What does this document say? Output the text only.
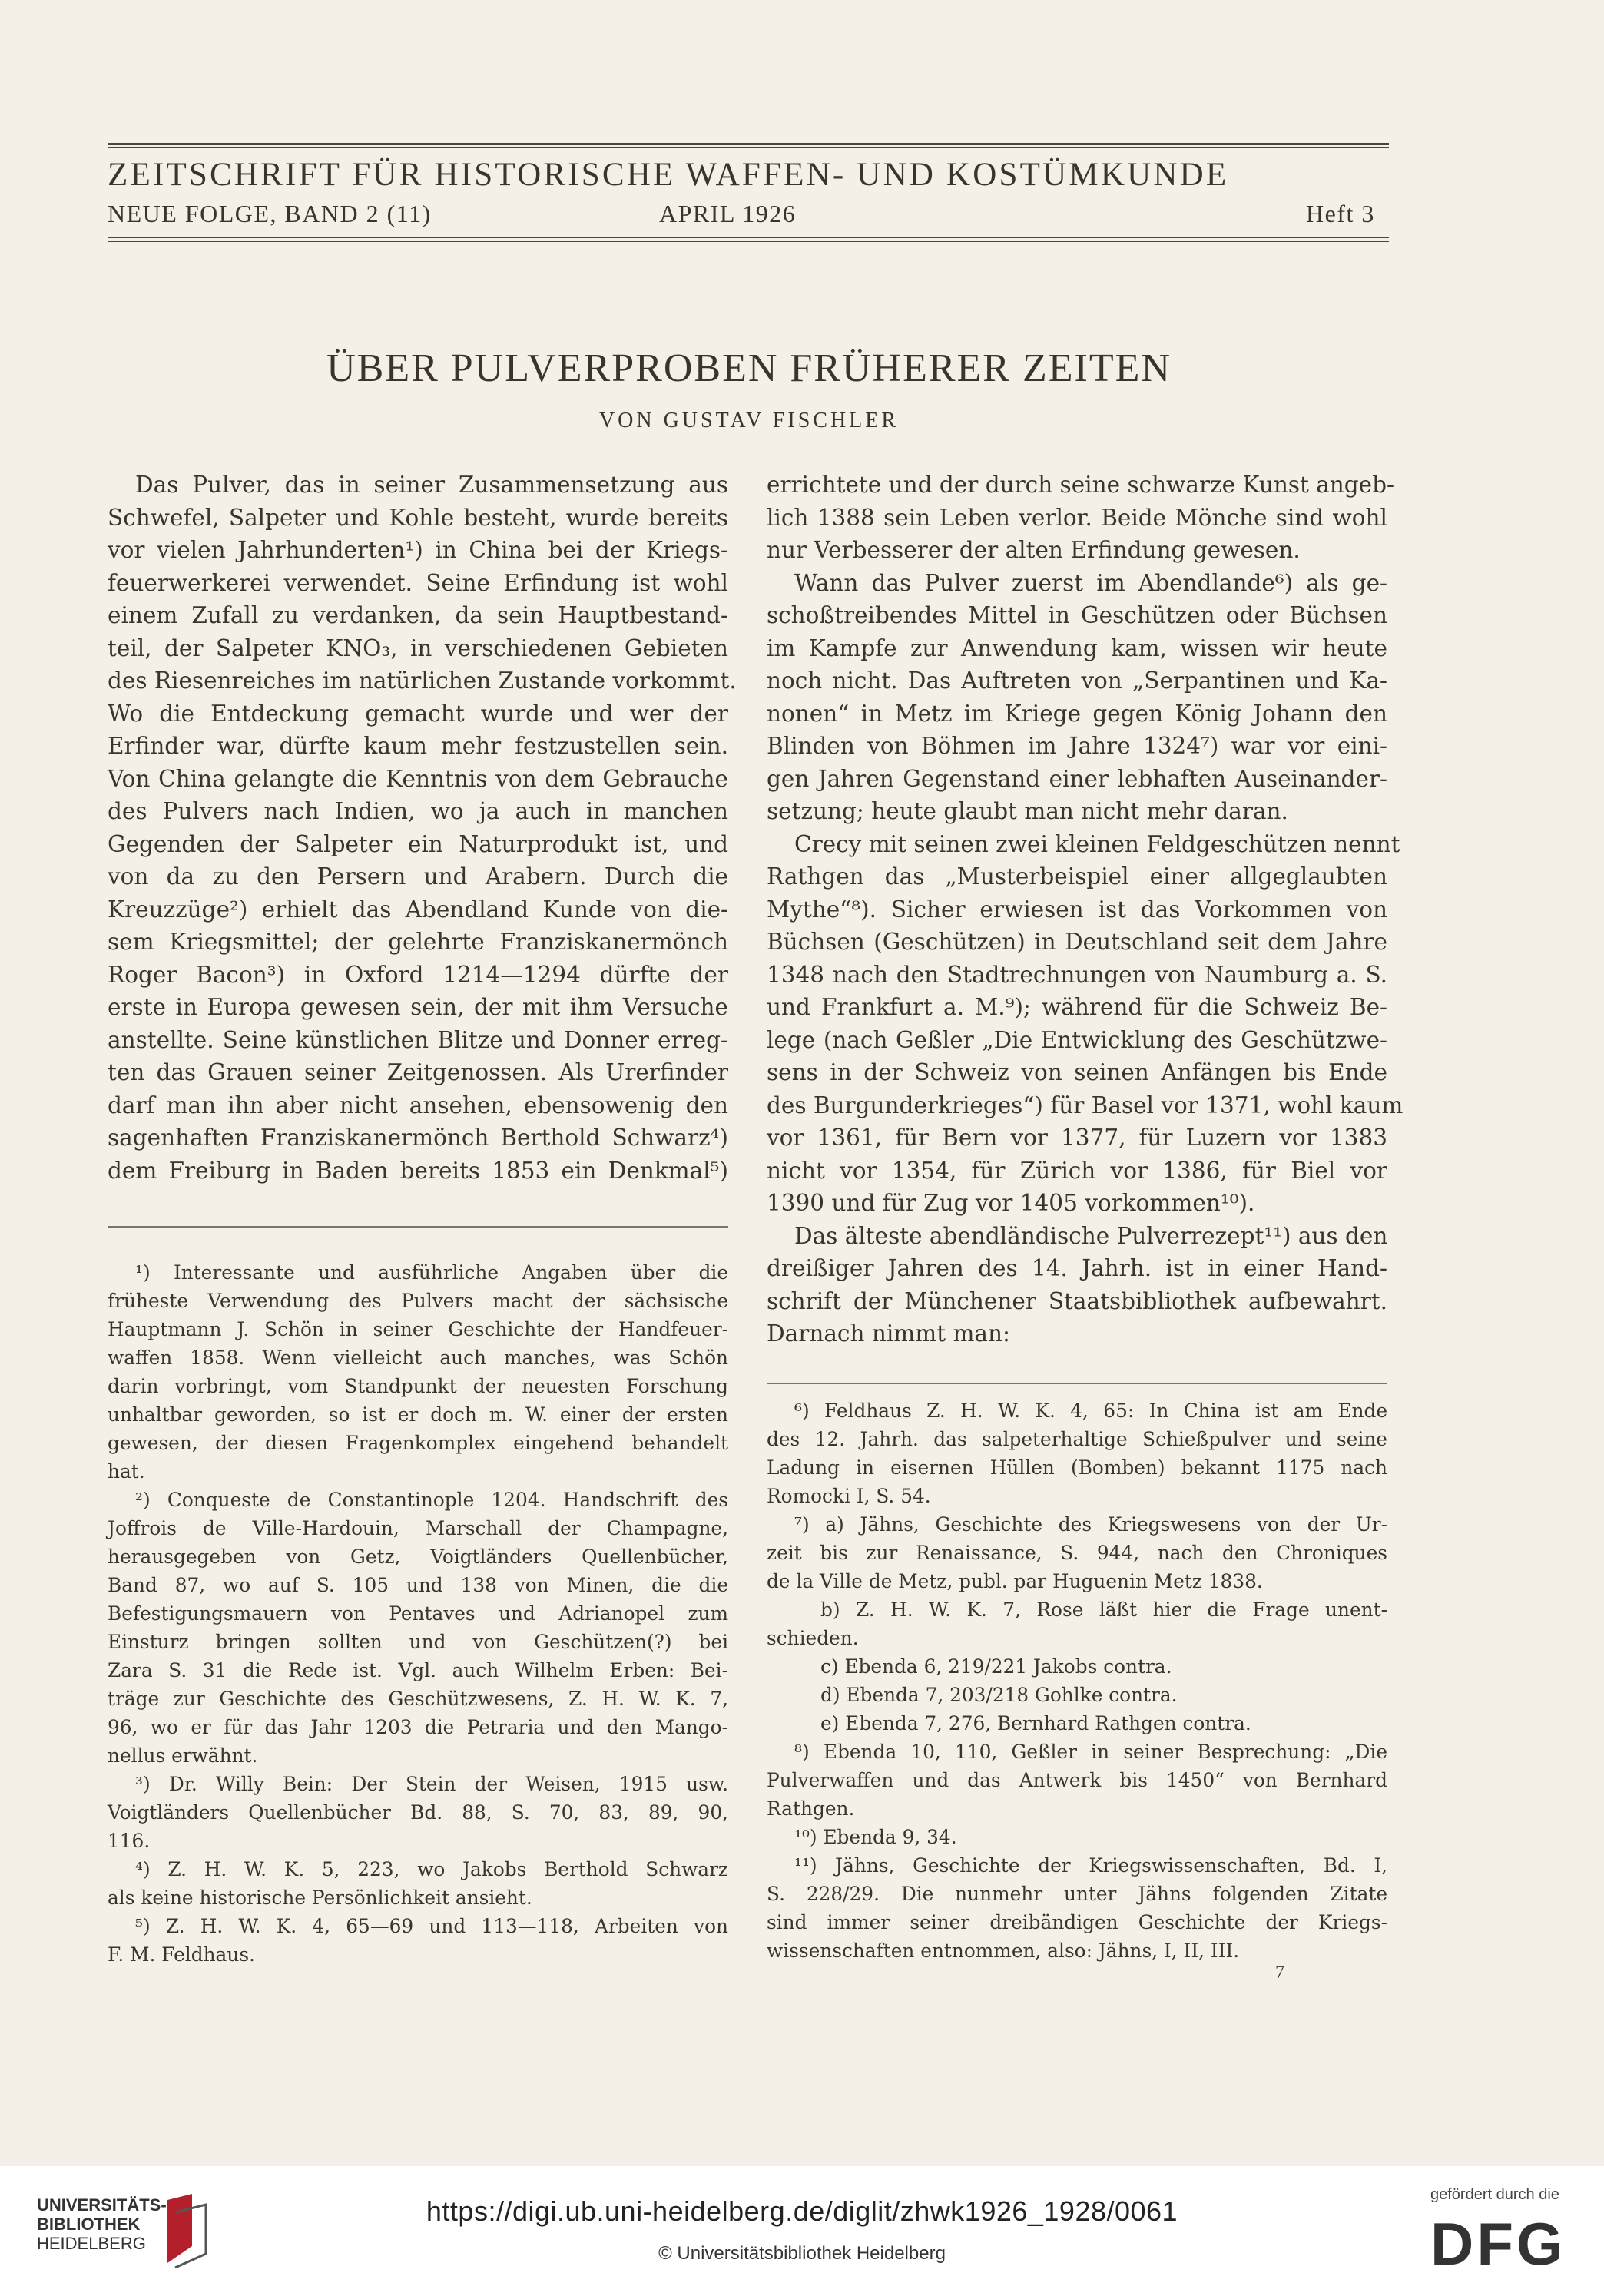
ZEITSCHRIFT FÜR HISTORISCHE WAFFEN- UND KOSTÜMKUNDE
NEUE FOLGE, BAND 2 (11)	APRIL 1926	Heft 3
ÜBER PULVERPROBEN FRÜHERER ZEITEN
VON GUSTAV FISCHLER
Das Pulver, das in seiner Zusammensetzung aus
Schwefel, Salpeter und Kohle besteht, wurde bereits
vor vielen Jahrhunderten¹) in China bei der Kriegs-
feuerwerkerei verwendet. Seine Erfindung ist wohl
einem Zufall zu verdanken, da sein Hauptbestand-
teil, der Salpeter KNO₃, in verschiedenen Gebieten
des Riesenreiches im natürlichen Zustande vorkommt.
Wo die Entdeckung gemacht wurde und wer der
Erfinder war, dürfte kaum mehr festzustellen sein.
Von China gelangte die Kenntnis von dem Gebrauche
des Pulvers nach Indien, wo ja auch in manchen
Gegenden der Salpeter ein Naturprodukt ist, und
von da zu den Persern und Arabern. Durch die
Kreuzzüge²) erhielt das Abendland Kunde von die-
sem Kriegsmittel; der gelehrte Franziskanermönch
Roger Bacon³) in Oxford 1214—1294 dürfte der
erste in Europa gewesen sein, der mit ihm Versuche
anstellte. Seine künstlichen Blitze und Donner erreg-
ten das Grauen seiner Zeitgenossen. Als Urerfinder
darf man ihn aber nicht ansehen, ebensowenig den
sagenhaften Franziskanermönch Berthold Schwarz⁴)
dem Freiburg in Baden bereits 1853 ein Denkmal⁵)
errichtete und der durch seine schwarze Kunst angeb-
lich 1388 sein Leben verlor. Beide Mönche sind wohl
nur Verbesserer der alten Erfindung gewesen.
Wann das Pulver zuerst im Abendlande⁶) als ge-
schoßtreibendes Mittel in Geschützen oder Büchsen
im Kampfe zur Anwendung kam, wissen wir heute
noch nicht. Das Auftreten von „Serpantinen und Ka-
nonen“ in Metz im Kriege gegen König Johann den
Blinden von Böhmen im Jahre 1324⁷) war vor eini-
gen Jahren Gegenstand einer lebhaften Auseinander-
setzung; heute glaubt man nicht mehr daran.
Crecy mit seinen zwei kleinen Feldgeschützen nennt
Rathgen das „Musterbeispiel einer allgeglaubten
Mythe“⁸). Sicher erwiesen ist das Vorkommen von
Büchsen (Geschützen) in Deutschland seit dem Jahre
1348 nach den Stadtrechnungen von Naumburg a. S.
und Frankfurt a. M.⁹); während für die Schweiz Be-
lege (nach Geßler „Die Entwicklung des Geschützwe-
sens in der Schweiz von seinen Anfängen bis Ende
des Burgunderkrieges“) für Basel vor 1371, wohl kaum
vor 1361, für Bern vor 1377, für Luzern vor 1383
nicht vor 1354, für Zürich vor 1386, für Biel vor
1390 und für Zug vor 1405 vorkommen¹⁰).
Das älteste abendländische Pulverrezept¹¹) aus den
dreißiger Jahren des 14. Jahrh. ist in einer Hand-
schrift der Münchener Staatsbibliothek aufbewahrt.
Darnach nimmt man:
¹) Interessante und ausführliche Angaben über die
früheste Verwendung des Pulvers macht der sächsische
Hauptmann J. Schön in seiner Geschichte der Handfeuer-
waffen 1858. Wenn vielleicht auch manches, was Schön
darin vorbringt, vom Standpunkt der neuesten Forschung
unhaltbar geworden, so ist er doch m. W. einer der ersten
gewesen, der diesen Fragenkomplex eingehend behandelt
hat.
²) Conqueste de Constantinople 1204. Handschrift des
Joffrois de Ville-Hardouin, Marschall der Champagne,
herausgegeben von Getz, Voigtländers Quellenbücher,
Band 87, wo auf S. 105 und 138 von Minen, die die
Befestigungsmauern von Pentaves und Adrianopel zum
Einsturz bringen sollten und von Geschützen(?) bei
Zara S. 31 die Rede ist. Vgl. auch Wilhelm Erben: Bei-
träge zur Geschichte des Geschützwesens, Z. H. W. K. 7,
96, wo er für das Jahr 1203 die Petraria und den Mango-
nellus erwähnt.
³) Dr. Willy Bein: Der Stein der Weisen, 1915 usw.
Voigtländers Quellenbücher Bd. 88, S. 70, 83, 89, 90,
116.
⁴) Z. H. W. K. 5, 223, wo Jakobs Berthold Schwarz
als keine historische Persönlichkeit ansieht.
⁵) Z. H. W. K. 4, 65—69 und 113—118, Arbeiten von
F. M. Feldhaus.
⁶) Feldhaus Z. H. W. K. 4, 65: In China ist am Ende
des 12. Jahrh. das salpeterhaltige Schießpulver und seine
Ladung in eisernen Hüllen (Bomben) bekannt 1175 nach
Romocki I, S. 54.
⁷) a) Jähns, Geschichte des Kriegswesens von der Ur-
zeit bis zur Renaissance, S. 944, nach den Chroniques
de la Ville de Metz, publ. par Huguenin Metz 1838.
b) Z. H. W. K. 7, Rose läßt hier die Frage unent-
schieden.
c) Ebenda 6, 219/221 Jakobs contra.
d) Ebenda 7, 203/218 Gohlke contra.
e) Ebenda 7, 276, Bernhard Rathgen contra.
⁸) Ebenda 10, 110, Geßler in seiner Besprechung: „Die
Pulverwaffen und das Antwerk bis 1450“ von Bernhard
Rathgen.
¹⁰) Ebenda 9, 34.
¹¹) Jähns, Geschichte der Kriegswissenschaften, Bd. I,
S. 228/29. Die nunmehr unter Jähns folgenden Zitate
sind immer seiner dreibändigen Geschichte der Kriegs-
wissenschaften entnommen, also: Jähns, I, II, III.
7
UNIVERSITÄTS-
BIBLIOTHEK
HEIDELBERG
https://digi.ub.uni-heidelberg.de/diglit/zhwk1926_1928/0061
© Universitätsbibliothek Heidelberg
gefördert durch die
DFG
